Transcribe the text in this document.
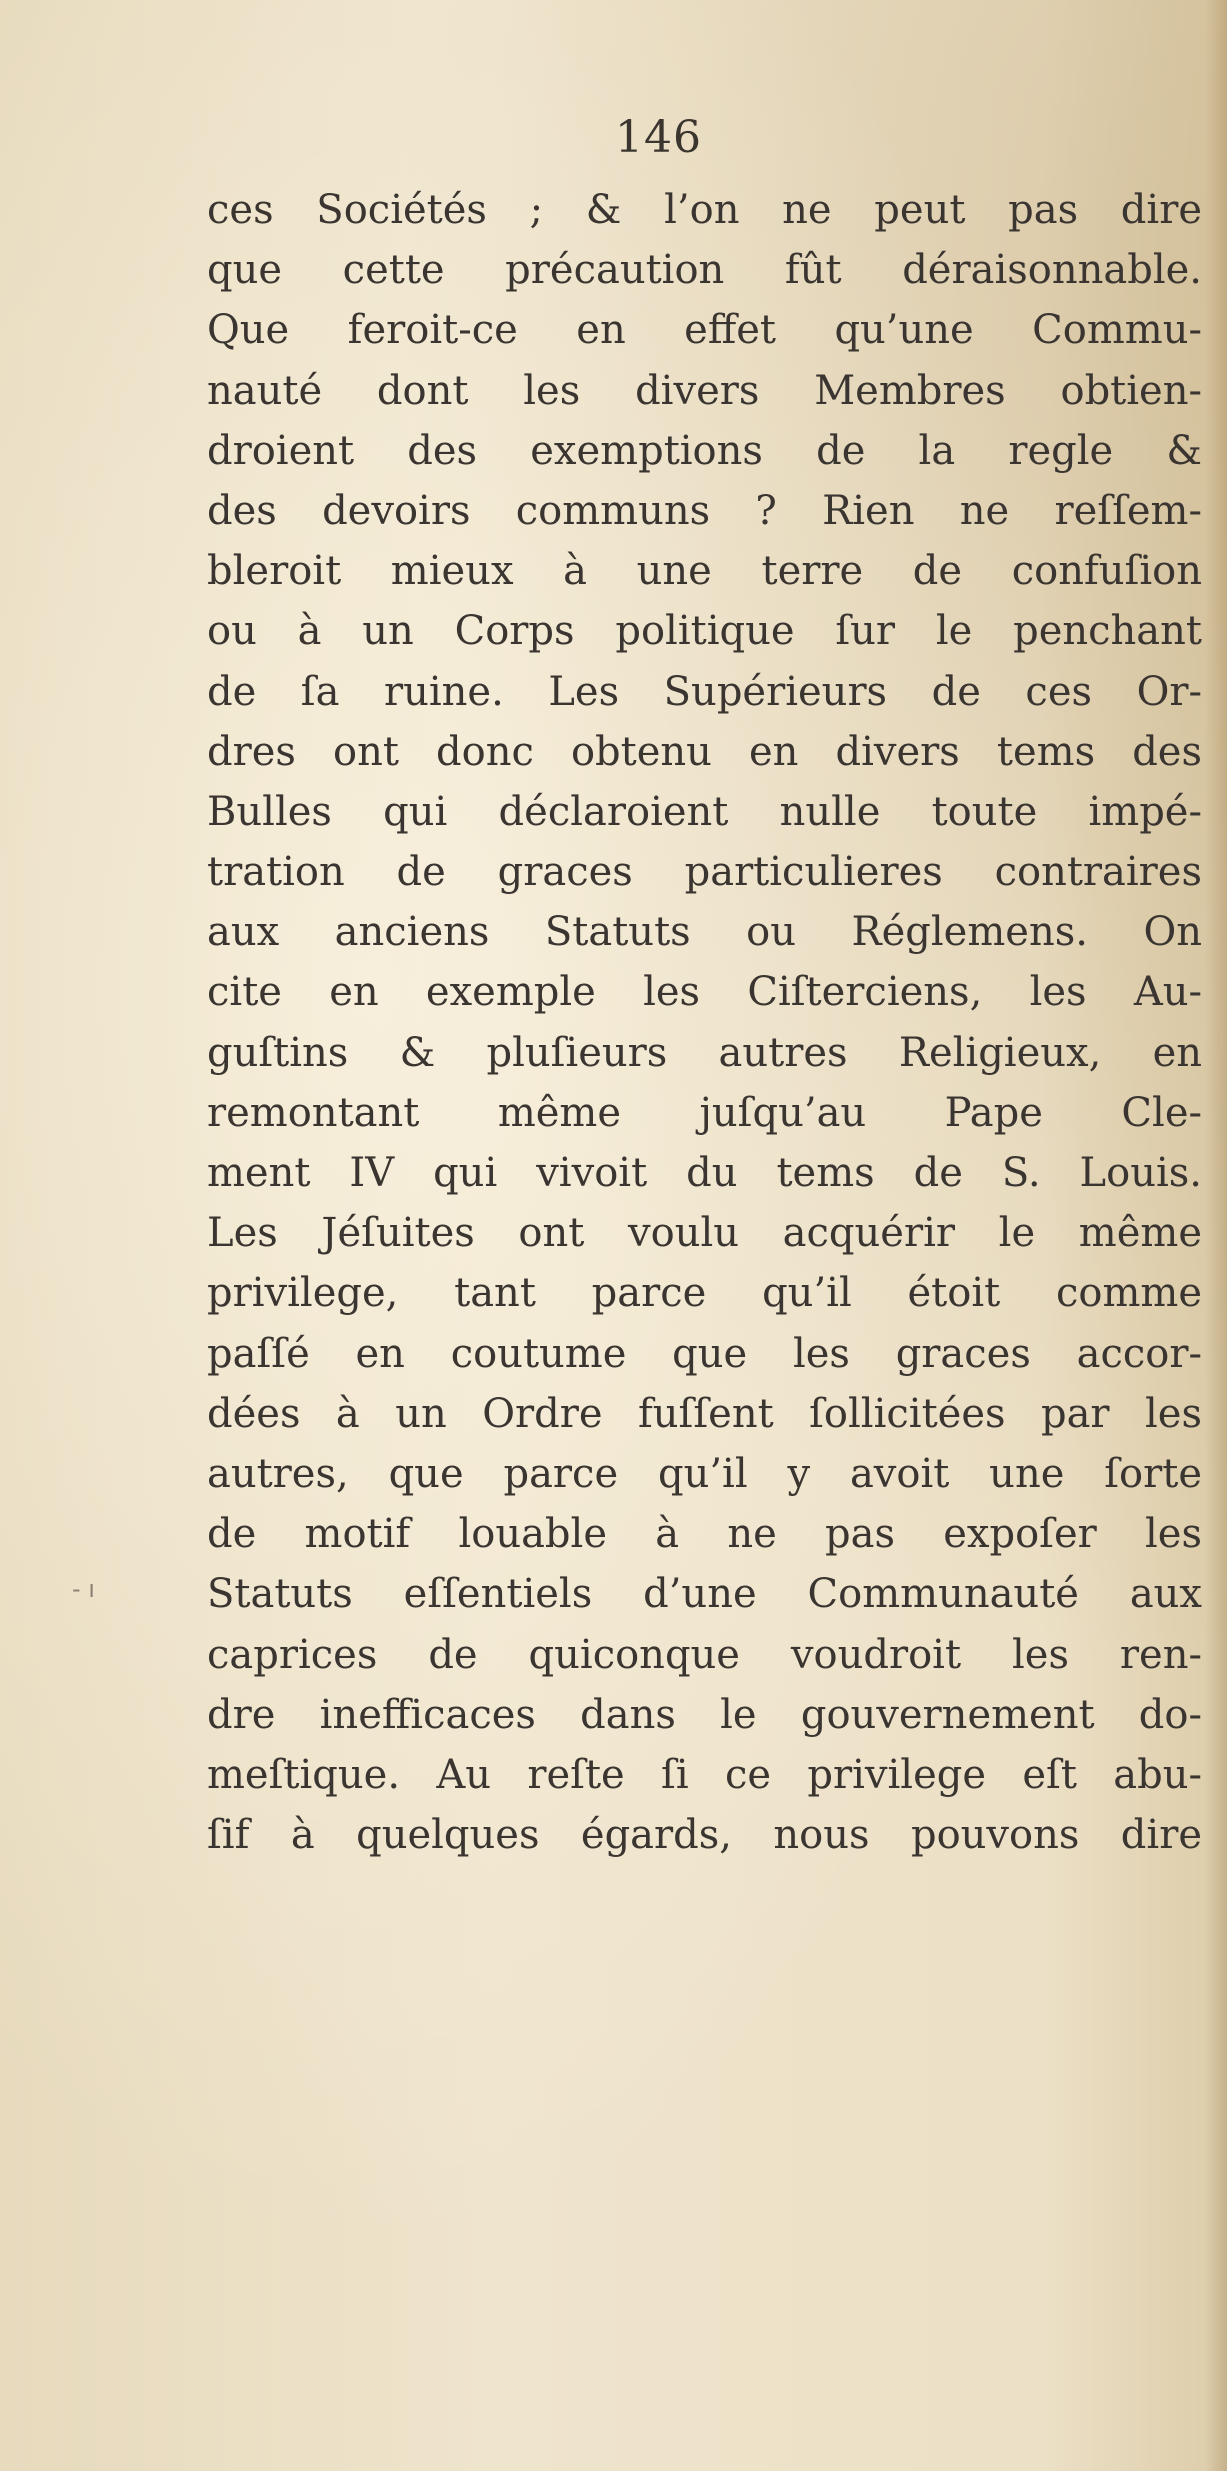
146
- ı
ces Sociétés ; & l’on ne peut pas dire
que cette précaution fût déraisonnable.
Que feroit-ce en effet qu’une Commu-
nauté dont les divers Membres obtien-
droient des exemptions de la regle &
des devoirs communs ? Rien ne reſſem-
bleroit mieux à une terre de confuſion
ou à un Corps politique ſur le penchant
de ſa ruine. Les Supérieurs de ces Or-
dres ont donc obtenu en divers tems des
Bulles qui déclaroient nulle toute impé-
tration de graces particulieres contraires
aux anciens Statuts ou Réglemens. On
cite en exemple les Ciſterciens, les Au-
guſtins & pluſieurs autres Religieux, en
remontant même juſqu’au Pape Cle-
ment IV qui vivoit du tems de S. Louis.
Les Jéſuites ont voulu acquérir le même
privilege, tant parce qu’il étoit comme
paſſé en coutume que les graces accor-
dées à un Ordre fuſſent ſollicitées par les
autres, que parce qu’il y avoit une ſorte
de motif louable à ne pas expoſer les
Statuts eſſentiels d’une Communauté aux
caprices de quiconque voudroit les ren-
dre inefficaces dans le gouvernement do-
meſtique. Au reſte ſi ce privilege eſt abu-
ſif à quelques égards, nous pouvons dire
